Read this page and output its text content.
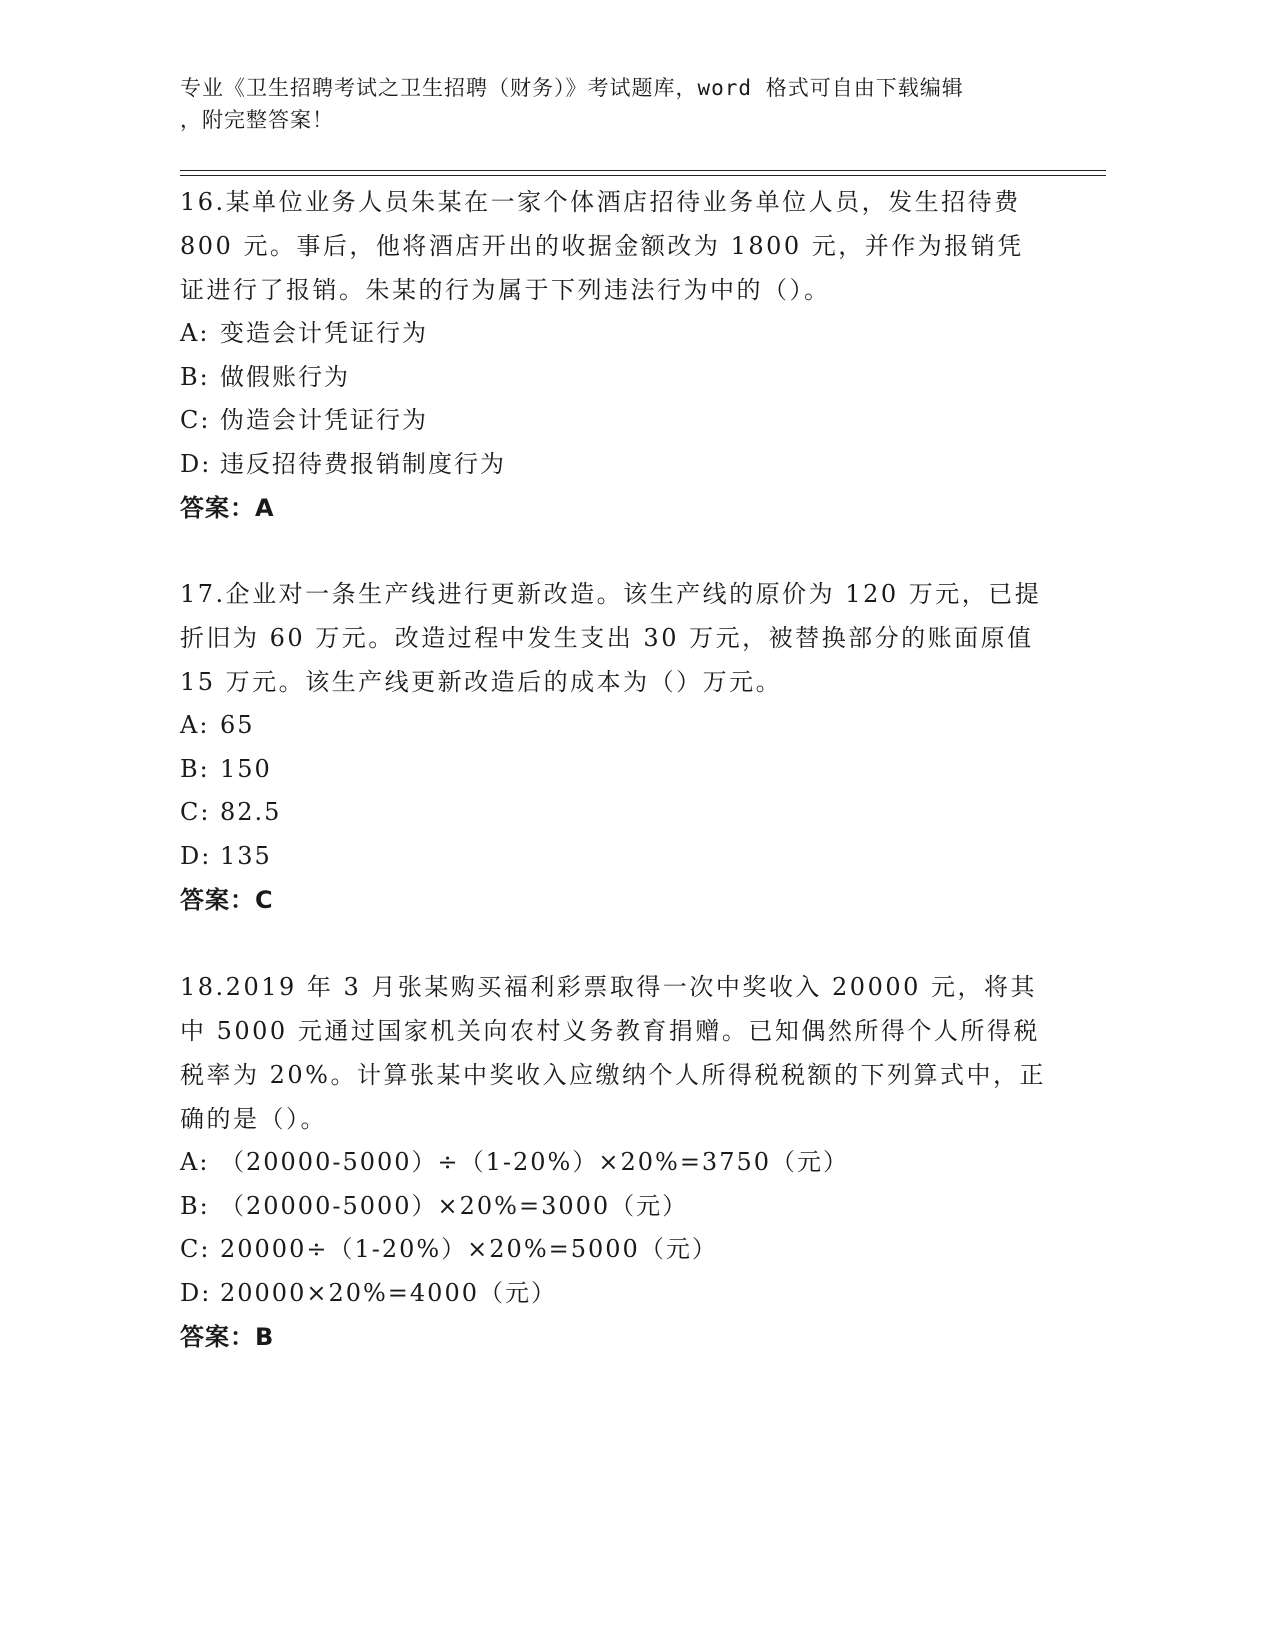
专业《卫生招聘考试之卫生招聘（财务）》考试题库，word 格式可自由下载编辑
，附完整答案！

16.某单位业务人员朱某在一家个体酒店招待业务单位人员，发生招待费 800 元。事后，他将酒店开出的收据金额改为 1800 元，并作为报销凭证进行了报销。朱某的行为属于下列违法行为中的（）。

A: 变造会计凭证行为

B: 做假账行为

C: 伪造会计凭证行为

D: 违反招待费报销制度行为

答案：A

17.企业对一条生产线进行更新改造。该生产线的原价为 120 万元，已提折旧为 60 万元。改造过程中发生支出 30 万元，被替换部分的账面原值 15 万元。该生产线更新改造后的成本为（）万元。

A: 65

B: 150

C: 82.5

D: 135

答案：C

18.2019 年 3 月张某购买福利彩票取得一次中奖收入 20000 元，将其中 5000 元通过国家机关向农村义务教育捐赠。已知偶然所得个人所得税税率为 20%。计算张某中奖收入应缴纳个人所得税税额的下列算式中，正确的是（）。

A: （20000-5000）÷（1-20%）×20%=3750（元）

B: （20000-5000）×20%=3000（元）

C: 20000÷（1-20%）×20%=5000（元）

D: 20000×20%=4000（元）

答案：B
